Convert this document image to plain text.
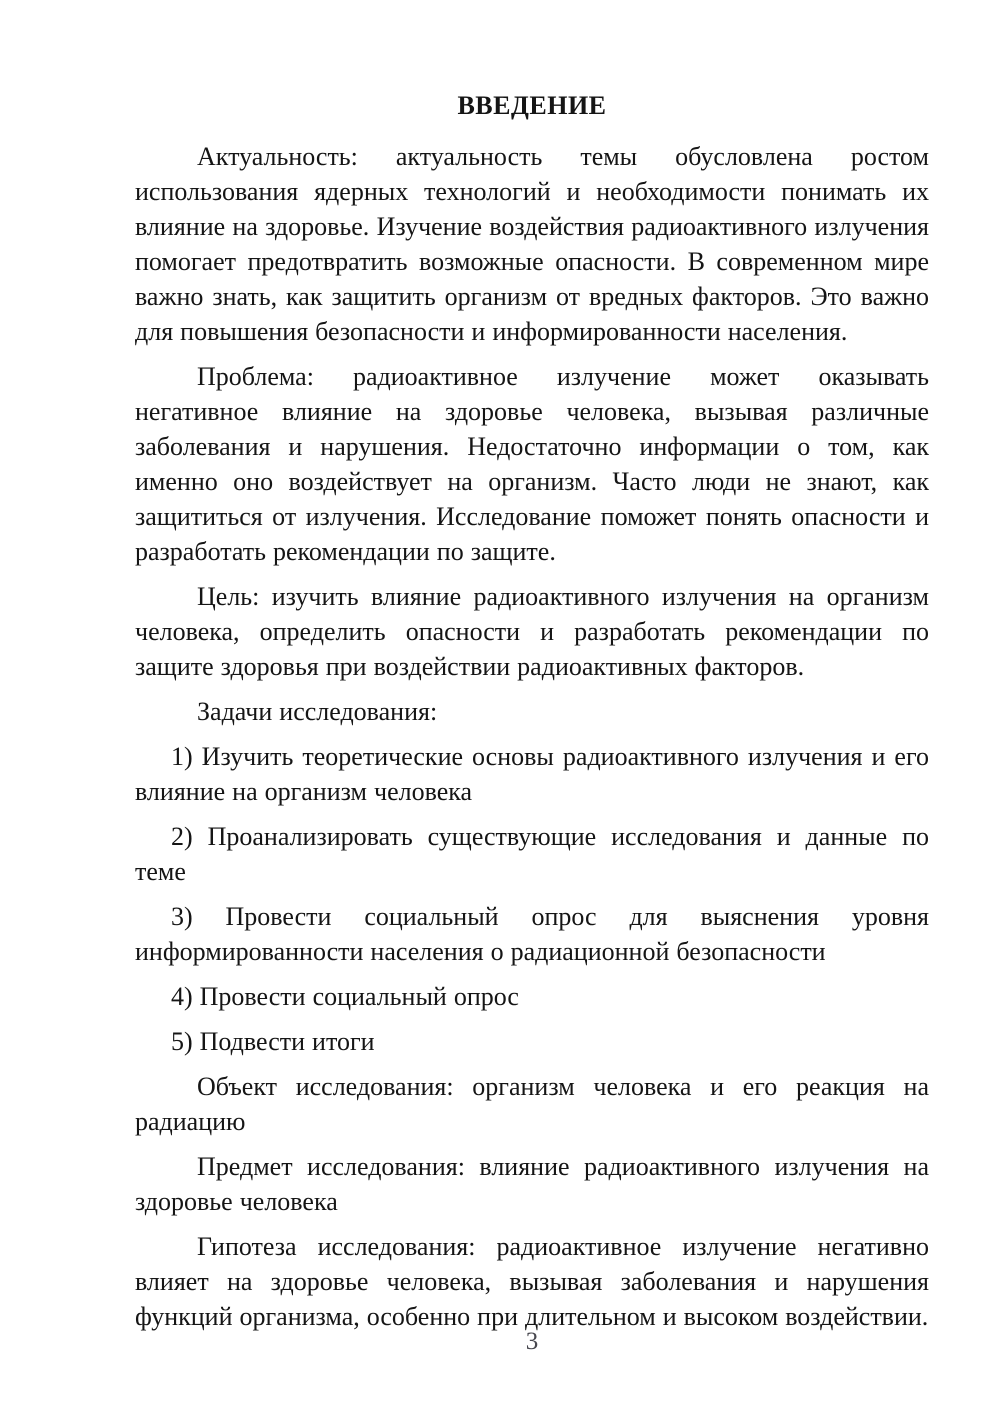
ВВЕДЕНИЕ

Актуальность: актуальность темы обусловлена ростом использования ядерных технологий и необходимости понимать их влияние на здоровье. Изучение воздействия радиоактивного излучения помогает предотвратить возможные опасности. В современном мире важно знать, как защитить организм от вредных факторов. Это важно для повышения безопасности и информированности населения.

Проблема: радиоактивное излучение может оказывать негативное влияние на здоровье человека, вызывая различные заболевания и нарушения. Недостаточно информации о том, как именно оно воздействует на организм. Часто люди не знают, как защититься от излучения. Исследование поможет понять опасности и разработать рекомендации по защите.

Цель: изучить влияние радиоактивного излучения на организм человека, определить опасности и разработать рекомендации по защите здоровья при воздействии радиоактивных факторов.

Задачи исследования:

1) Изучить теоретические основы радиоактивного излучения и его влияние на организм человека

2) Проанализировать существующие исследования и данные по теме

3) Провести социальный опрос для выяснения уровня информированности населения о радиационной безопасности

4) Провести социальный опрос

5) Подвести итоги

Объект исследования: организм человека и его реакция на радиацию

Предмет исследования: влияние радиоактивного излучения на здоровье человека

Гипотеза исследования: радиоактивное излучение негативно влияет на здоровье человека, вызывая заболевания и нарушения функций организма, особенно при длительном и высоком воздействии.

3
